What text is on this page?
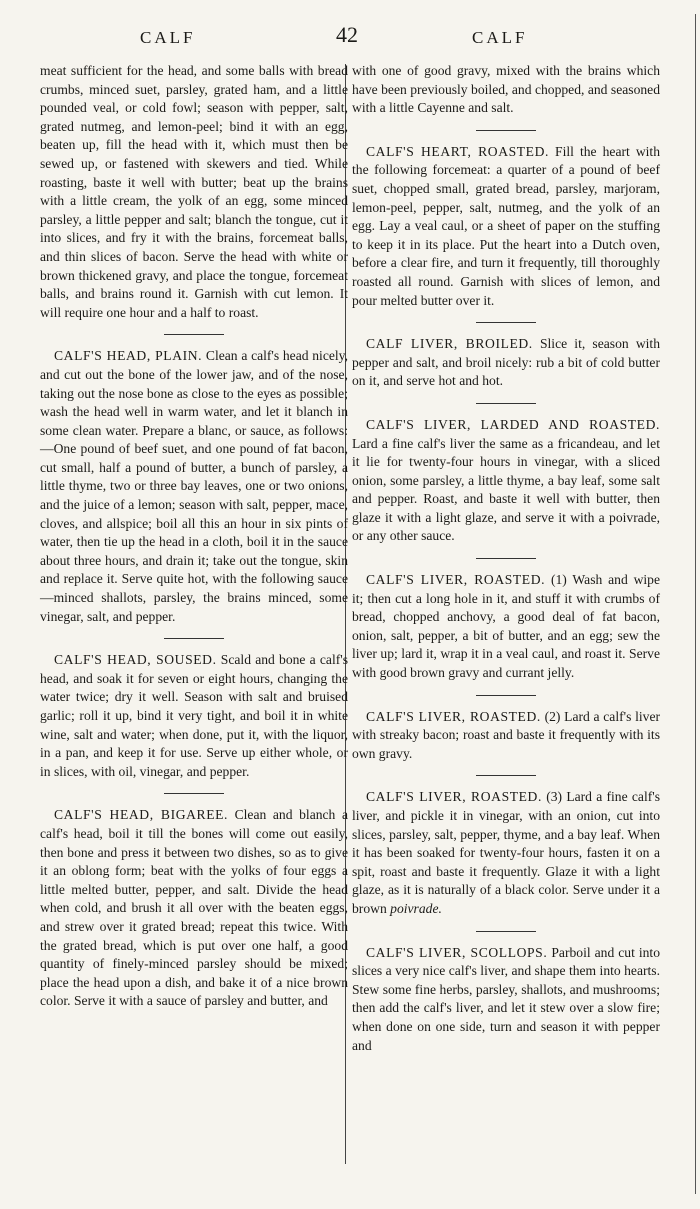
CALF	42	CALF

meat sufficient for the head, and some balls with bread crumbs, minced suet, parsley, grated ham, and a little pounded veal, or cold fowl; season with pepper, salt, grated nutmeg, and lemon-peel; bind it with an egg, beaten up, fill the head with it, which must then be sewed up, or fastened with skewers and tied. While roasting, baste it well with butter; beat up the brains with a little cream, the yolk of an egg, some minced parsley, a little pepper and salt; blanch the tongue, cut it into slices, and fry it with the brains, forcemeat balls, and thin slices of bacon. Serve the head with white or brown thickened gravy, and place the tongue, forcemeat balls, and brains round it. Garnish with cut lemon. It will require one hour and a half to roast.

CALF'S HEAD, PLAIN. Clean a calf's head nicely, and cut out the bone of the lower jaw, and of the nose, taking out the nose bone as close to the eyes as possible; wash the head well in warm water, and let it blanch in some clean water. Prepare a blanc, or sauce, as follows:—One pound of beef suet, and one pound of fat bacon, cut small, half a pound of butter, a bunch of parsley, a little thyme, two or three bay leaves, one or two onions, and the juice of a lemon; season with salt, pepper, mace, cloves, and allspice; boil all this an hour in six pints of water, then tie up the head in a cloth, boil it in the sauce about three hours, and drain it; take out the tongue, skin and replace it. Serve quite hot, with the following sauce—minced shallots, parsley, the brains minced, some vinegar, salt, and pepper.

CALF'S HEAD, SOUSED. Scald and bone a calf's head, and soak it for seven or eight hours, changing the water twice; dry it well. Season with salt and bruised garlic; roll it up, bind it very tight, and boil it in white wine, salt and water; when done, put it, with the liquor, in a pan, and keep it for use. Serve up either whole, or in slices, with oil, vinegar, and pepper.

CALF'S HEAD, BIGAREE. Clean and blanch a calf's head, boil it till the bones will come out easily, then bone and press it between two dishes, so as to give it an oblong form; beat with the yolks of four eggs a little melted butter, pepper, and salt. Divide the head when cold, and brush it all over with the beaten eggs, and strew over it grated bread; repeat this twice. With the grated bread, which is put over one half, a good quantity of finely-minced parsley should be mixed; place the head upon a dish, and bake it of a nice brown color. Serve it with a sauce of parsley and butter, and

with one of good gravy, mixed with the brains which have been previously boiled, and chopped, and seasoned with a little Cayenne and salt.

CALF'S HEART, ROASTED. Fill the heart with the following forcemeat: a quarter of a pound of beef suet, chopped small, grated bread, parsley, marjoram, lemon-peel, pepper, salt, nutmeg, and the yolk of an egg. Lay a veal caul, or a sheet of paper on the stuffing to keep it in its place. Put the heart into a Dutch oven, before a clear fire, and turn it frequently, till thoroughly roasted all round. Garnish with slices of lemon, and pour melted butter over it.

CALF LIVER, BROILED. Slice it, season with pepper and salt, and broil nicely: rub a bit of cold butter on it, and serve hot and hot.

CALF'S LIVER, LARDED AND ROASTED. Lard a fine calf's liver the same as a fricandeau, and let it lie for twenty-four hours in vinegar, with a sliced onion, some parsley, a little thyme, a bay leaf, some salt and pepper. Roast, and baste it well with butter, then glaze it with a light glaze, and serve it with a poivrade, or any other sauce.

CALF'S LIVER, ROASTED. (1) Wash and wipe it; then cut a long hole in it, and stuff it with crumbs of bread, chopped anchovy, a good deal of fat bacon, onion, salt, pepper, a bit of butter, and an egg; sew the liver up; lard it, wrap it in a veal caul, and roast it. Serve with good brown gravy and currant jelly.

CALF'S LIVER, ROASTED. (2) Lard a calf's liver with streaky bacon; roast and baste it frequently with its own gravy.

CALF'S LIVER, ROASTED. (3) Lard a fine calf's liver, and pickle it in vinegar, with an onion, cut into slices, parsley, salt, pepper, thyme, and a bay leaf. When it has been soaked for twenty-four hours, fasten it on a spit, roast and baste it frequently. Glaze it with a light glaze, as it is naturally of a black color. Serve under it a brown poivrade.

CALF'S LIVER, SCOLLOPS. Parboil and cut into slices a very nice calf's liver, and shape them into hearts. Stew some fine herbs, parsley, shallots, and mushrooms; then add the calf's liver, and let it stew over a slow fire; when done on one side, turn and season it with pepper and
